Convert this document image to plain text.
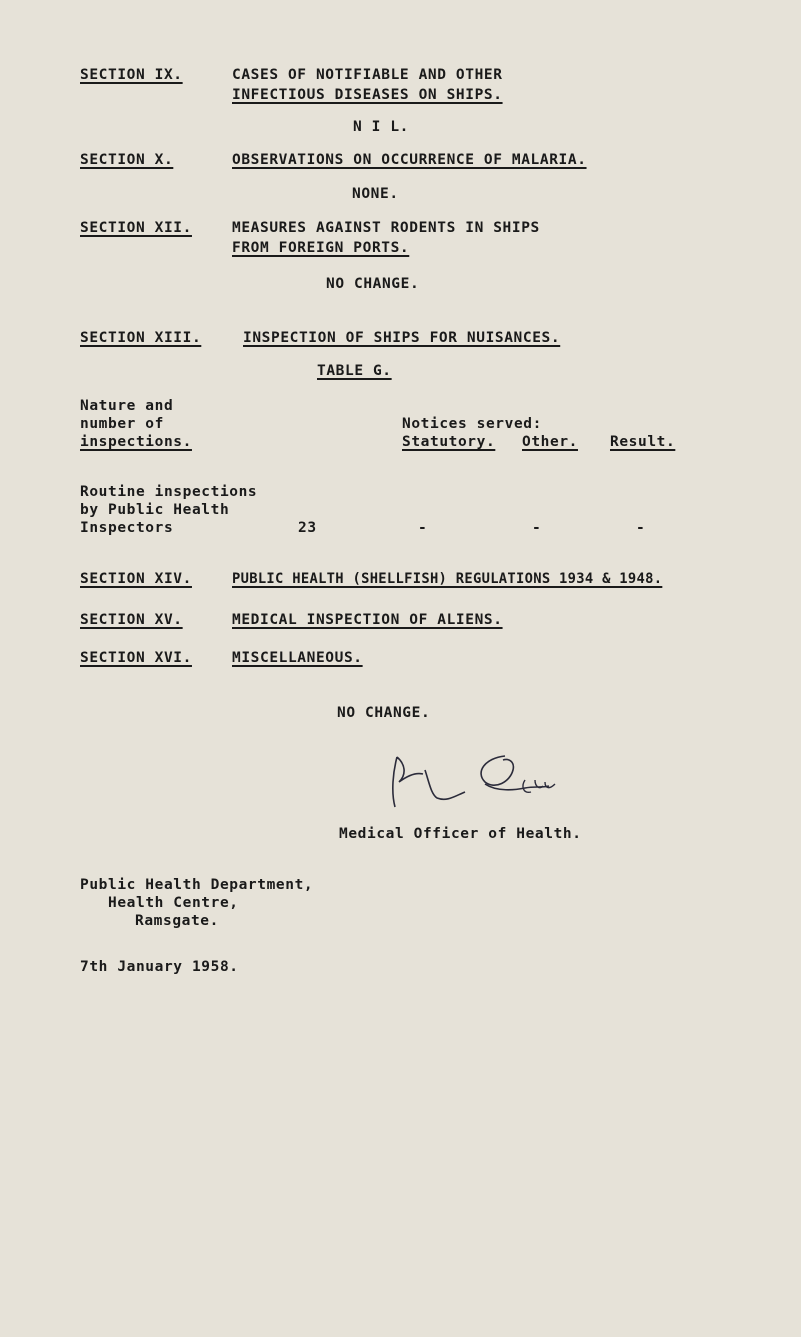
SECTION IX.	CASES OF NOTIFIABLE AND OTHER
INFECTIOUS DISEASES ON SHIPS.
N I L.
SECTION X.	OBSERVATIONS ON OCCURRENCE OF MALARIA.
NONE.
SECTION XII.	MEASURES AGAINST RODENTS IN SHIPS
FROM FOREIGN PORTS.
NO CHANGE.
SECTION XIII.	INSPECTION OF SHIPS FOR NUISANCES.
TABLE G.
Nature and
number of
inspections.
Notices served:
Statutory. Other. Result.
Routine inspections
by Public Health
Inspectors	23	-	-	-
SECTION XIV.	PUBLIC HEALTH (SHELLFISH) REGULATIONS 1934 & 1948.
SECTION XV.	MEDICAL INSPECTION OF ALIENS.
SECTION XVI.	MISCELLANEOUS.
NO CHANGE.
Medical Officer of Health.
Public Health Department,
Health Centre,
Ramsgate.
7th January 1958.
